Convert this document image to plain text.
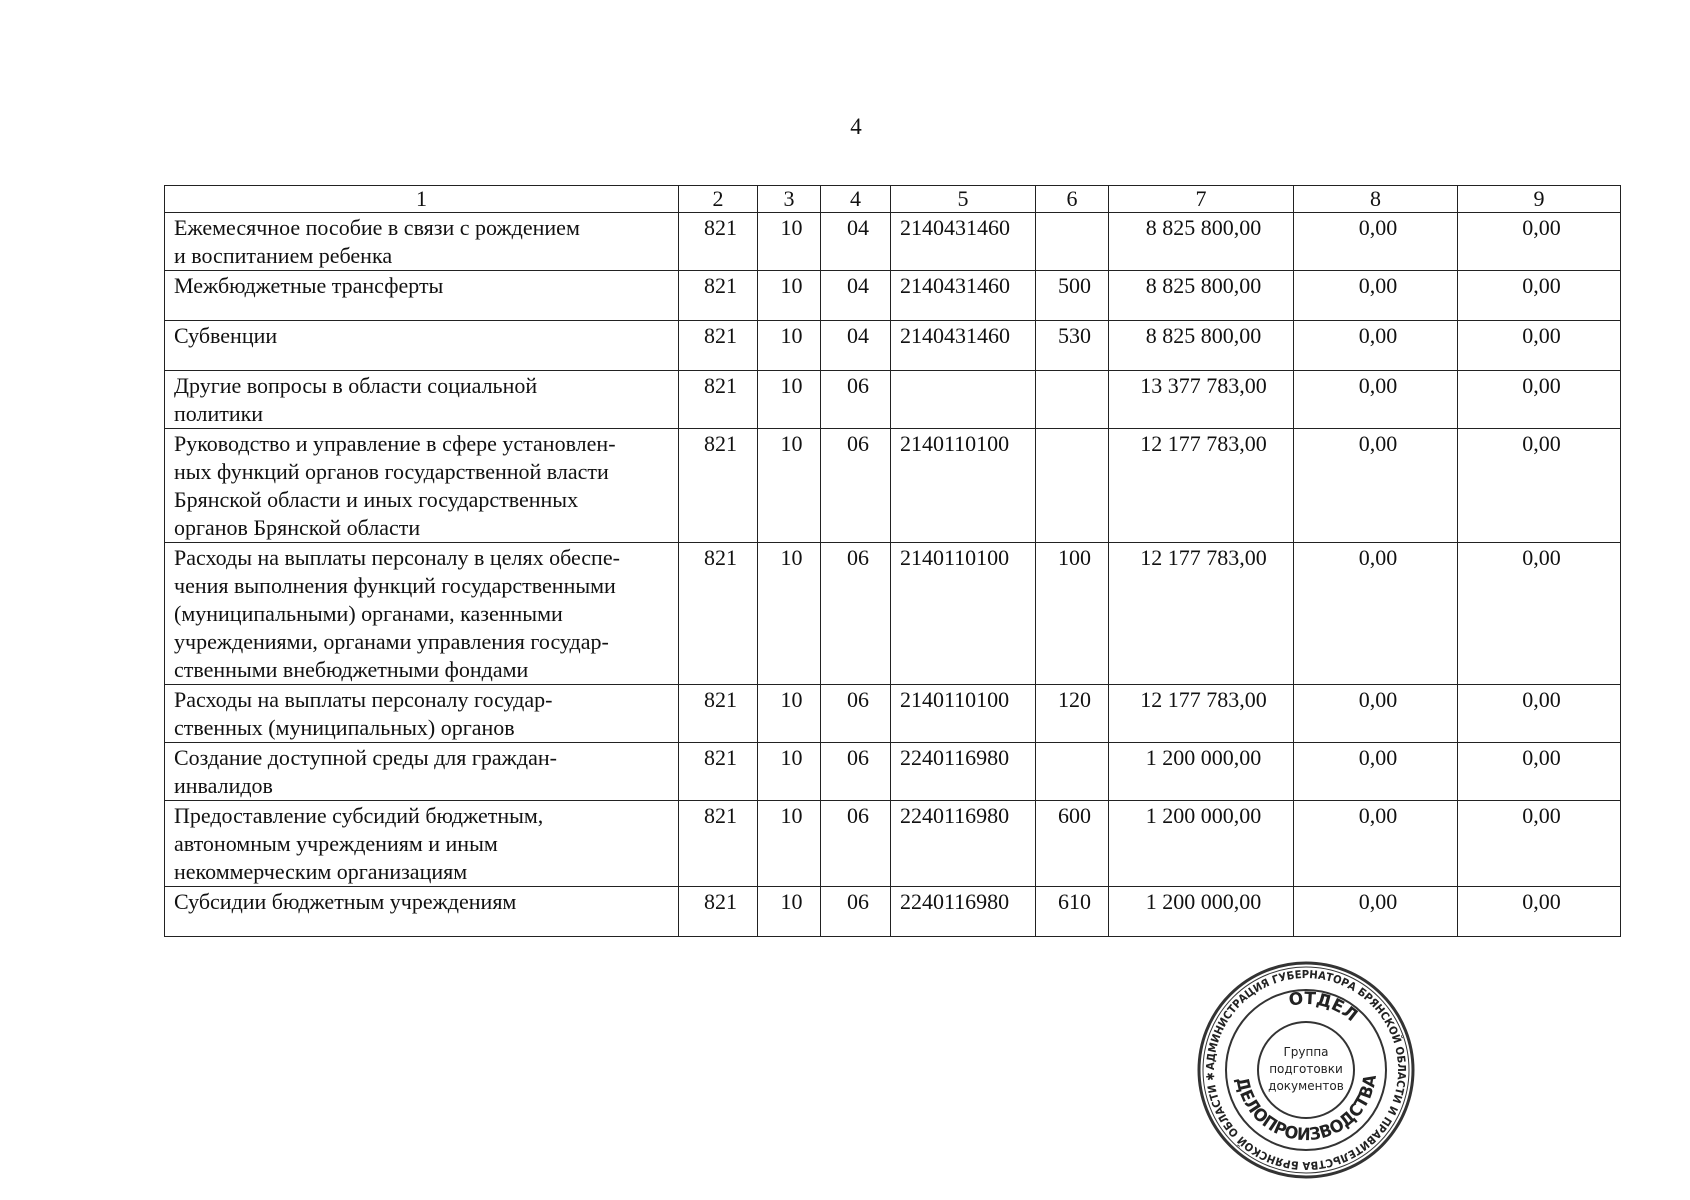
4
1	2	3	4	5	6	7	8	9
Ежемесячное пособие в связи с рождением
и воспитанием ребенка	821	10	04	2140431460		8 825 800,00	0,00	0,00
Межбюджетные трансферты	821	10	04	2140431460	500	8 825 800,00	0,00	0,00
Субвенции	821	10	04	2140431460	530	8 825 800,00	0,00	0,00
Другие вопросы в области социальной
политики	821	10	06			13 377 783,00	0,00	0,00
Руководство и управление в сфере установлен-
ных функций органов государственной власти
Брянской области и иных государственных
органов Брянской области	821	10	06	2140110100		12 177 783,00	0,00	0,00
Расходы на выплаты персоналу в целях обеспе-
чения выполнения функций государственными
(муниципальными) органами, казенными
учреждениями, органами управления государ-
ственными внебюджетными фондами	821	10	06	2140110100	100	12 177 783,00	0,00	0,00
Расходы на выплаты персоналу государ-
ственных (муниципальных) органов	821	10	06	2140110100	120	12 177 783,00	0,00	0,00
Создание доступной среды для граждан-
инвалидов	821	10	06	2240116980		1 200 000,00	0,00	0,00
Предоставление субсидий бюджетным,
автономным учреждениям и иным
некоммерческим организациям	821	10	06	2240116980	600	1 200 000,00	0,00	0,00
Субсидии бюджетным учреждениям	821	10	06	2240116980	610	1 200 000,00	0,00	0,00
АДМИНИСТРАЦИЯ ГУБЕРНАТОРА БРЯНСКОЙ ОБЛАСТИ И ПРАВИТЕЛЬСТВА БРЯНСКОЙ ОБЛАСТИ ✱
ОТДЕЛ
ДЕЛОПРОИЗВОДСТВА
Группа
подготовки
документов
